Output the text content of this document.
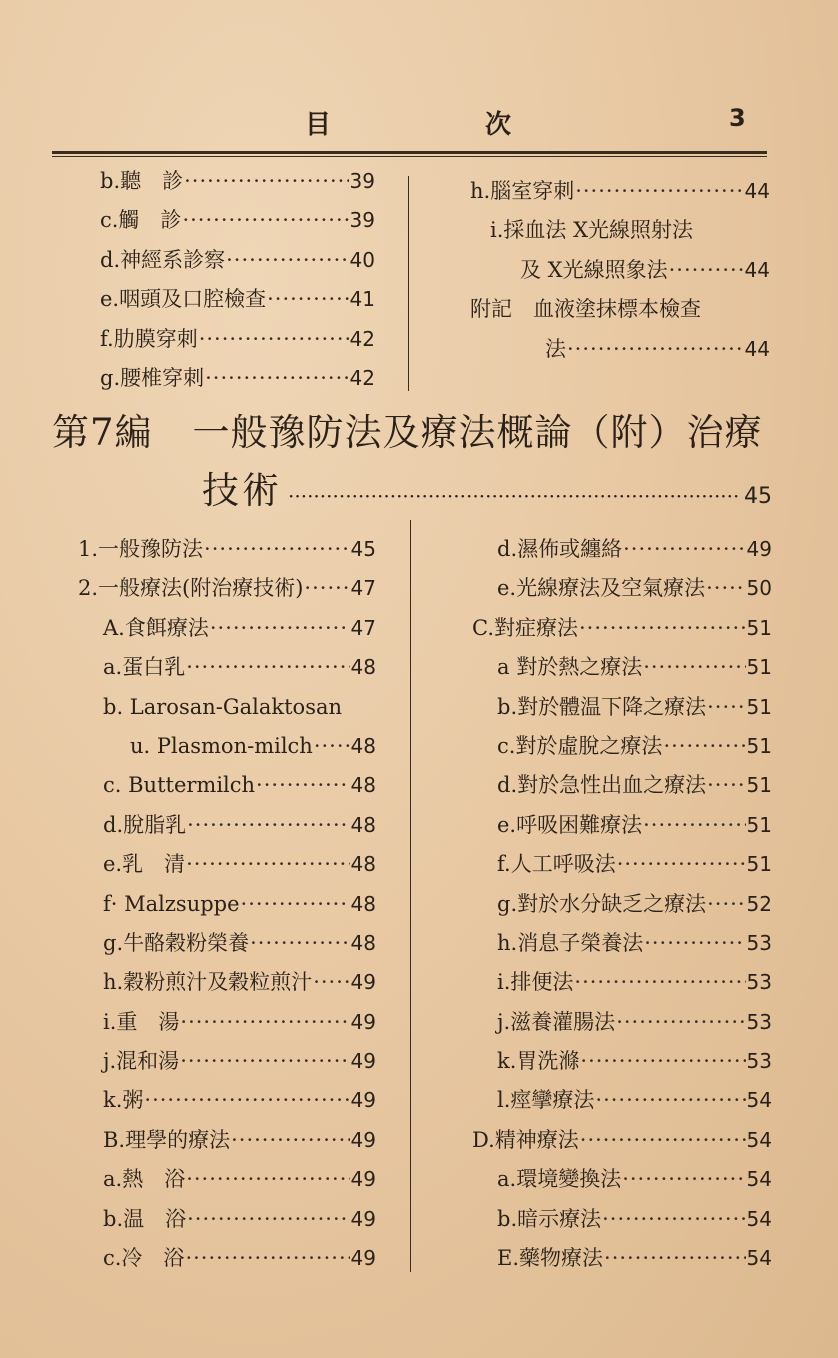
目	次	3
b.聽　診 ·····	39
c.觸　診 ·····	39
d.神經系診察 ·····	40
e.咽頭及口腔檢查 ·····	41
f.肋膜穿刺 ·····	42
g.腰椎穿刺 ·····	42
h.腦室穿刺 ·····	44
i.採血法 X光線照射法
及 X光線照象法 ·····	44
附記　血液塗抹標本檢查
法 ·····	44
第7編 一般豫防法及療法概論（附）治療
技術 ·····	45
1.一般豫防法 ·····	45
2.一般療法(附治療技術) ····· 47
A.食餌療法 ·····	47
a.蛋白乳 ·····	48
b. Larosan-Galaktosan
u. Plasmon-milch ····· 48
c. Buttermilch ·····	48
d.脫脂乳 ·····	48
e.乳　清 ·····	48
f· Malzsuppe ·····	48
g.牛酪穀粉榮養 ·····	48
h.穀粉煎汁及穀粒煎汁 ····· 49
i.重　湯 ·····	49
j.混和湯 ·····	49
k.粥 ·····	49
B.理學的療法 ·····	49
a.熱　浴 ·····	49
b.温　浴 ·····	49
c.冷　浴 ·····	49
d.濕佈或纏絡 ·····	49
e.光線療法及空氣療法 ····· 50
C.對症療法 ·····	51
a 對於熱之療法 ·····	51
b.對於體温下降之療法 ····· 51
c.對於虛脫之療法 ·····	51
d.對於急性出血之療法 ····· 51
e.呼吸困難療法 ·····	51
f.人工呼吸法 ·····	51
g.對於水分缺乏之療法 ····· 52
h.消息子榮養法 ·····	53
i.排便法 ·····	53
j.滋養灌腸法 ·····	53
k.胃洗滌 ·····	53
l.痙攣療法 ·····	54
D.精神療法 ·····	54
a.環境變換法 ·····	54
b.暗示療法 ·····	54
E.藥物療法 ·····	54
